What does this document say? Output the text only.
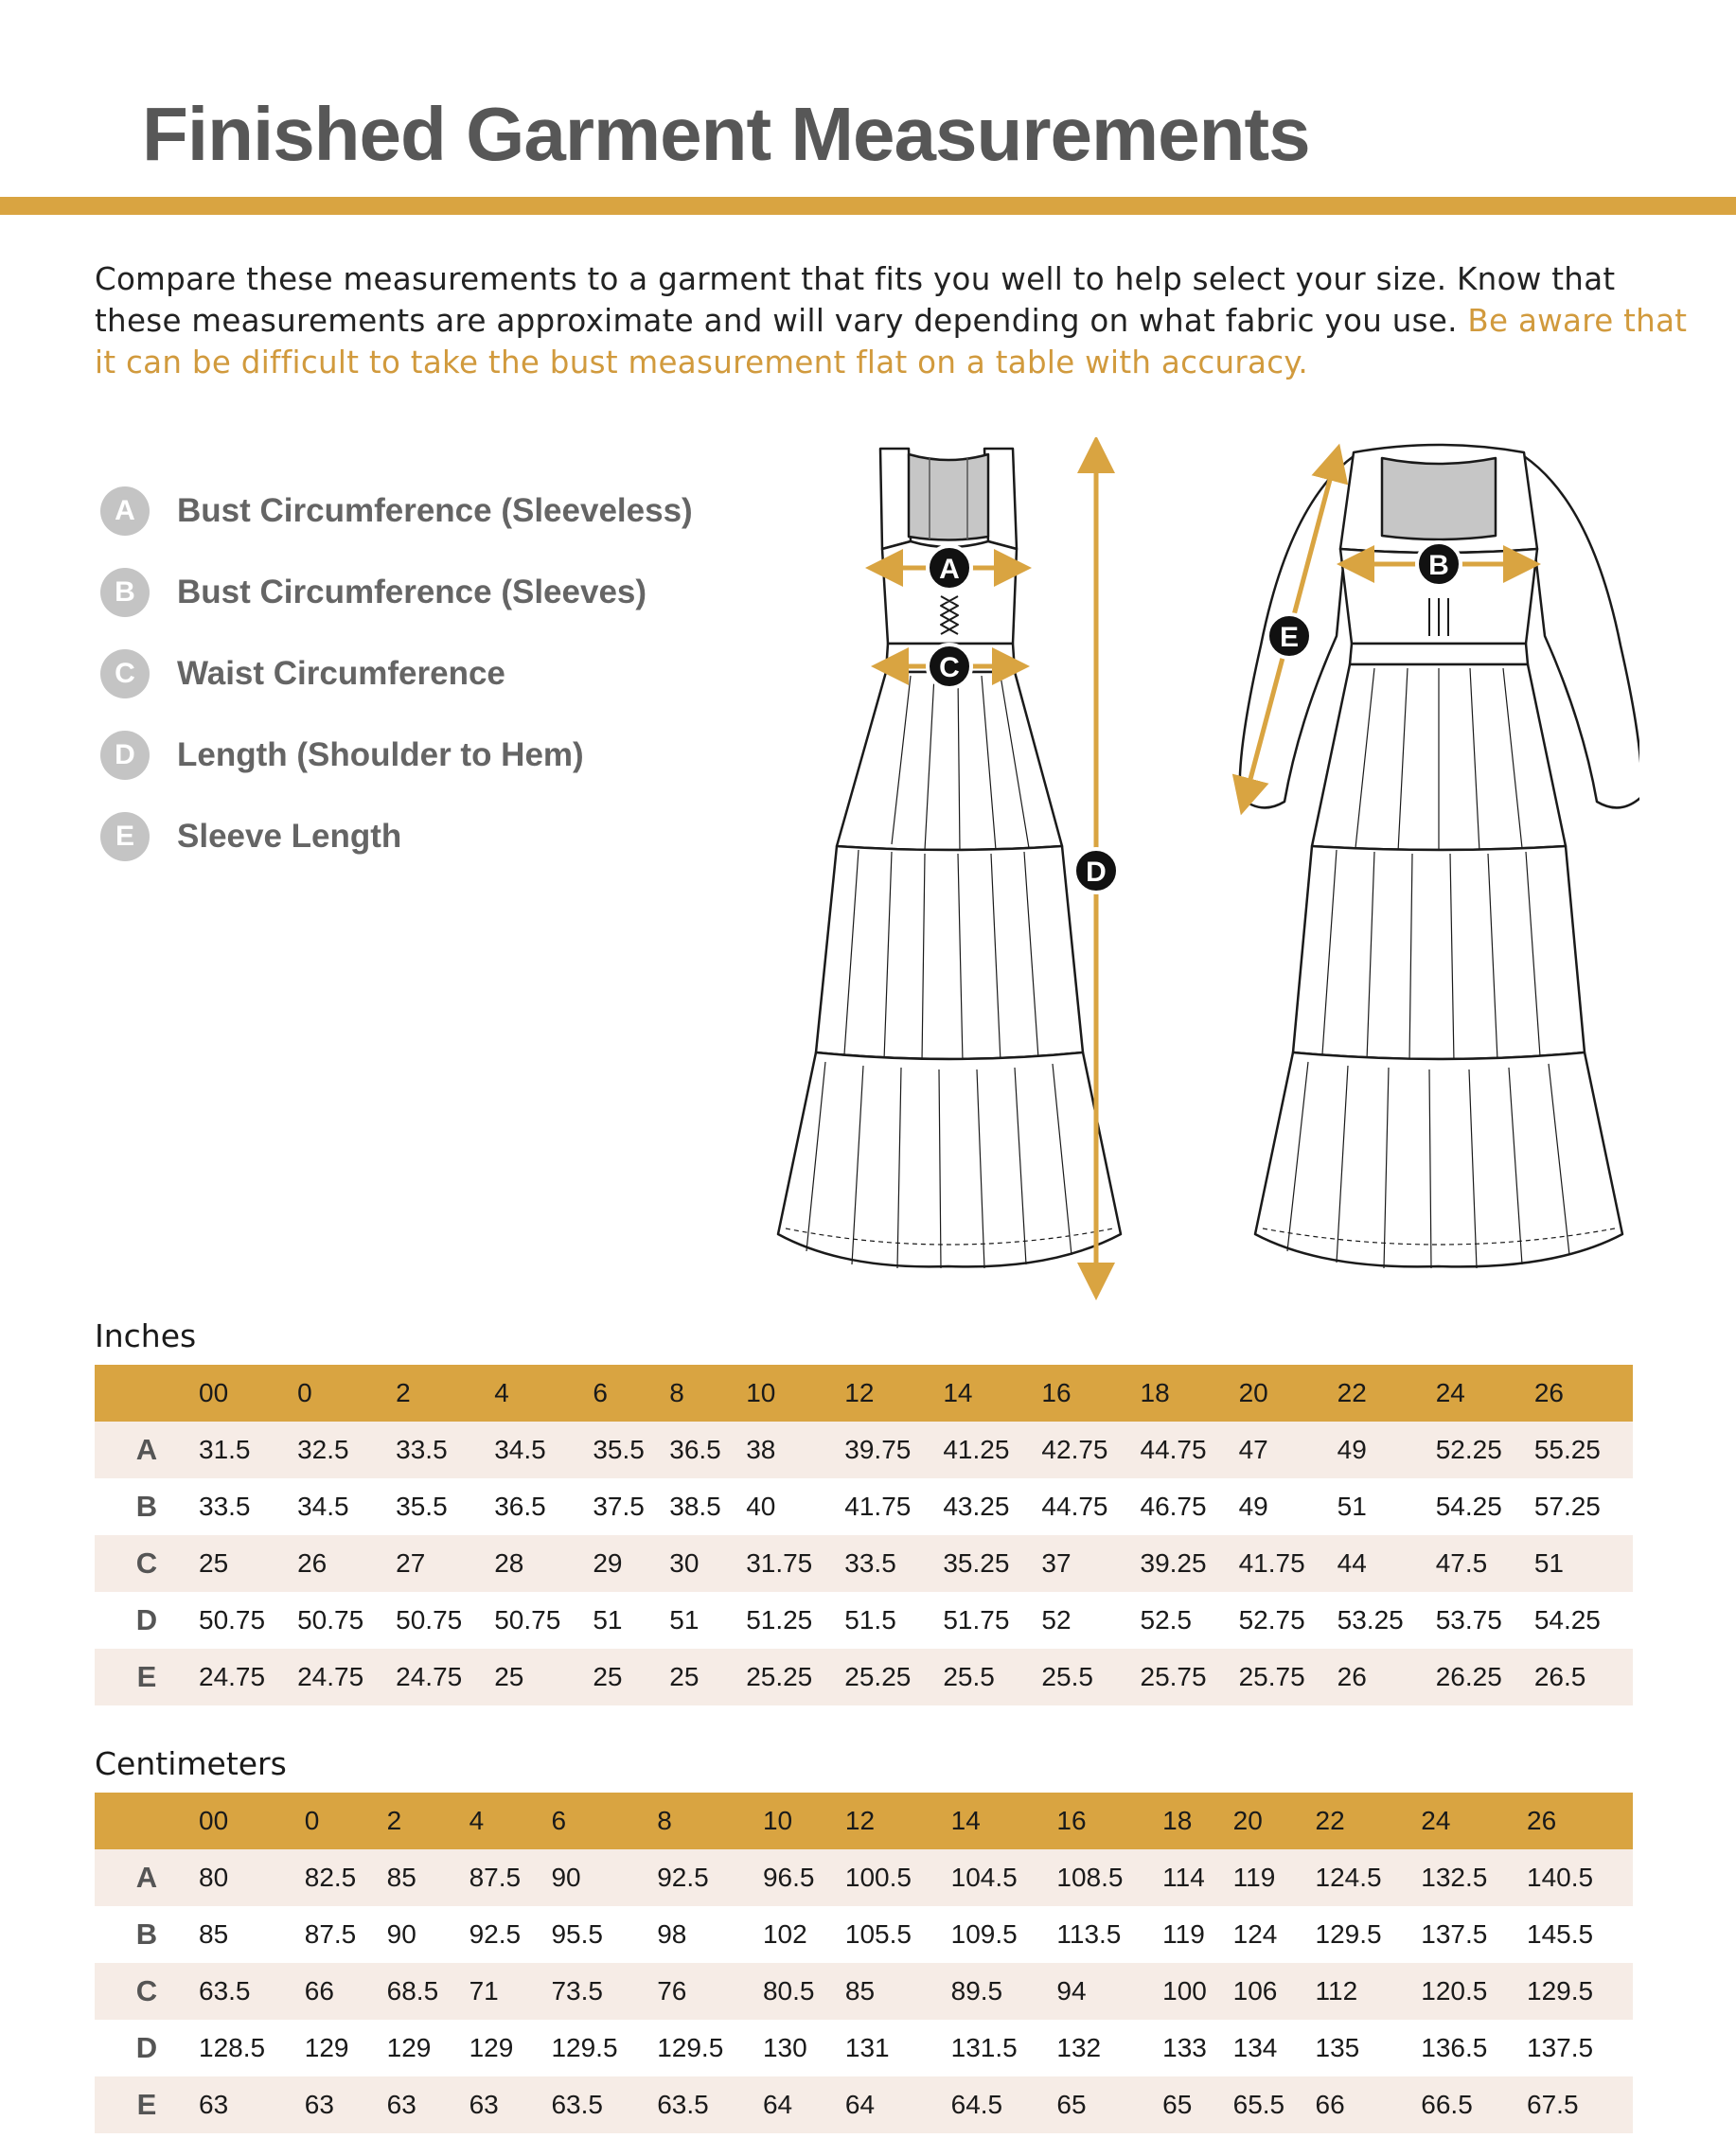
Finished Garment Measurements

Compare these measurements to a garment that fits you well to help select your size. Know that these measurements are approximate and will vary depending on what fabric you use. Be aware that it can be difficult to take the bust measurement flat on a table with accuracy.

A	Bust Circumference (Sleeveless)
B	Bust Circumference (Sleeves)
C	Waist Circumference
D	Length (Shoulder to Hem)
E	Sleeve Length
A
C
D
B
E
Inches
	00	0	2	4	6	8	10	12	14	16	18	20	22	24	26
A	31.5	32.5	33.5	34.5	35.5	36.5	38	39.75	41.25	42.75	44.75	47	49	52.25	55.25
B	33.5	34.5	35.5	36.5	37.5	38.5	40	41.75	43.25	44.75	46.75	49	51	54.25	57.25
C	25	26	27	28	29	30	31.75	33.5	35.25	37	39.25	41.75	44	47.5	51
D	50.75	50.75	50.75	50.75	51	51	51.25	51.5	51.75	52	52.5	52.75	53.25	53.75	54.25
E	24.75	24.75	24.75	25	25	25	25.25	25.25	25.5	25.5	25.75	25.75	26	26.25	26.5
Centimeters
	00	0	2	4	6	8	10	12	14	16	18	20	22	24	26
A	80	82.5	85	87.5	90	92.5	96.5	100.5	104.5	108.5	114	119	124.5	132.5	140.5
B	85	87.5	90	92.5	95.5	98	102	105.5	109.5	113.5	119	124	129.5	137.5	145.5
C	63.5	66	68.5	71	73.5	76	80.5	85	89.5	94	100	106	112	120.5	129.5
D	128.5	129	129	129	129.5	129.5	130	131	131.5	132	133	134	135	136.5	137.5
E	63	63	63	63	63.5	63.5	64	64	64.5	65	65	65.5	66	66.5	67.5
